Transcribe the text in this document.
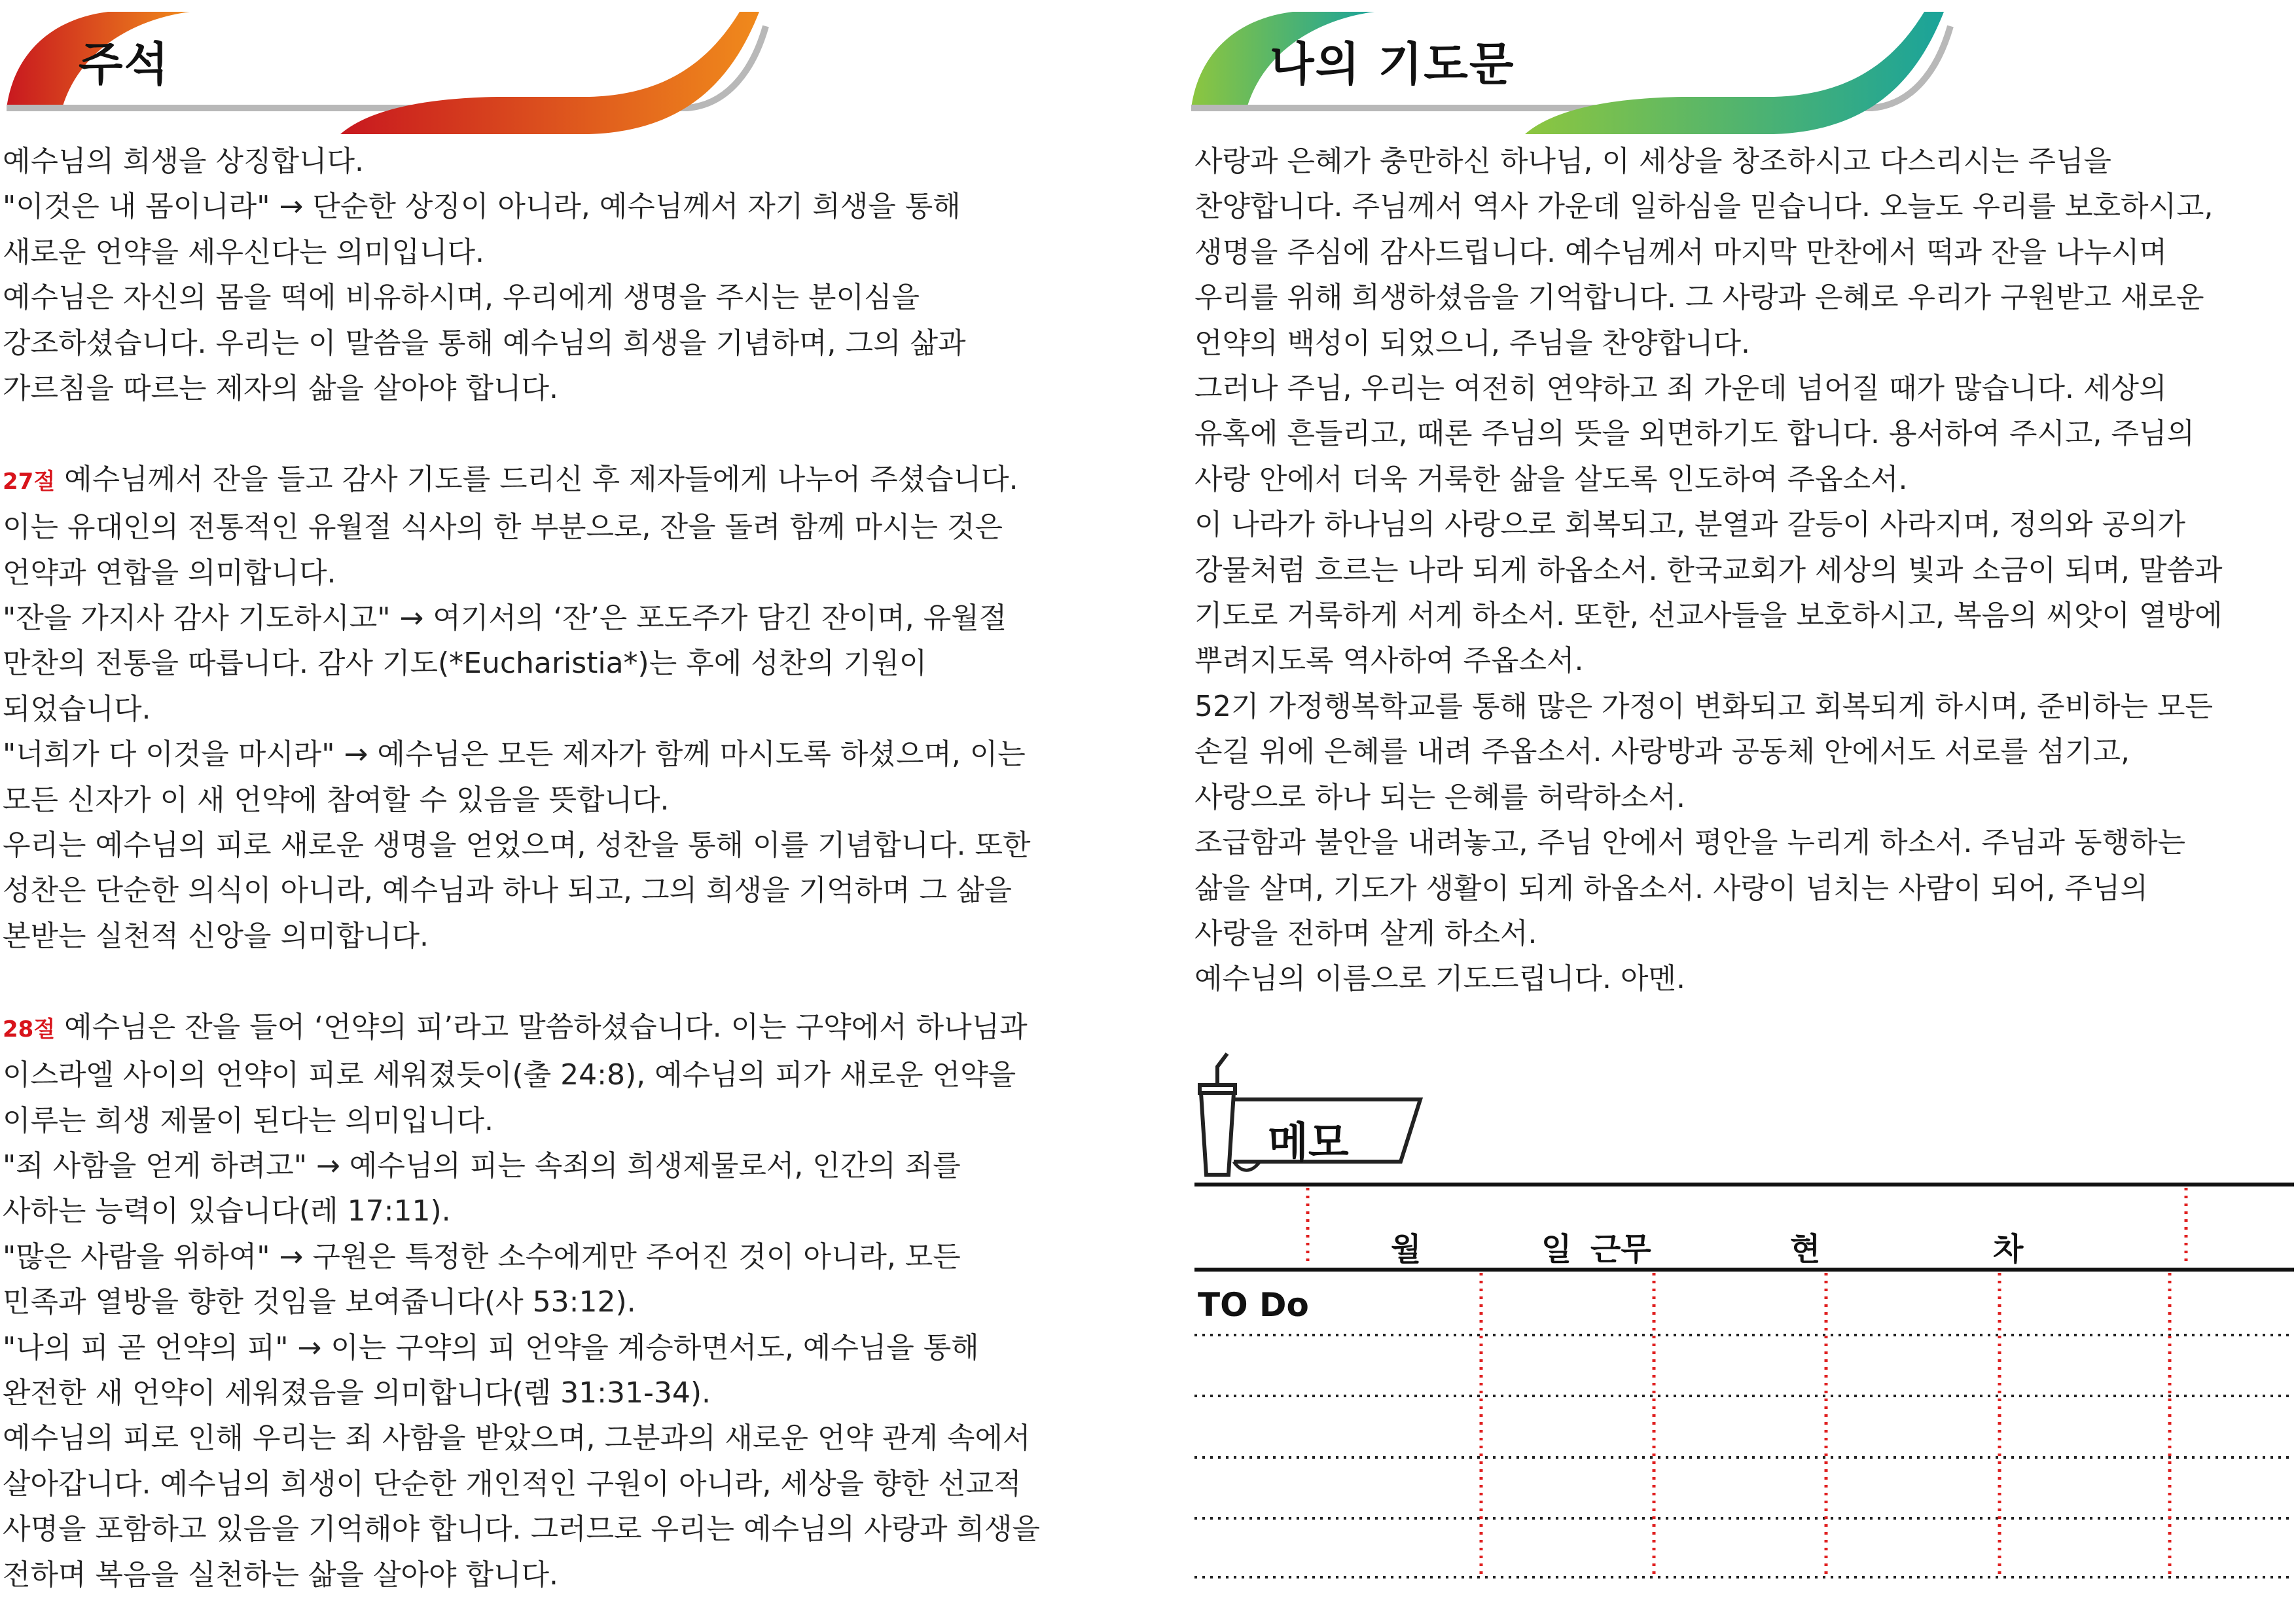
주석

예수님의 희생을 상징합니다.

"이것은 내 몸이니라" → 단순한 상징이 아니라, 예수님께서 자기 희생을 통해

새로운 언약을 세우신다는 의미입니다.

예수님은 자신의 몸을 떡에 비유하시며, 우리에게 생명을 주시는 분이심을

강조하셨습니다. 우리는 이 말씀을 통해 예수님의 희생을 기념하며, 그의 삶과

가르침을 따르는 제자의 삶을 살아야 합니다.

27절 예수님께서 잔을 들고 감사 기도를 드리신 후 제자들에게 나누어 주셨습니다.

이는 유대인의 전통적인 유월절 식사의 한 부분으로, 잔을 돌려 함께 마시는 것은

언약과 연합을 의미합니다.

"잔을 가지사 감사 기도하시고" → 여기서의 ‘잔’은 포도주가 담긴 잔이며, 유월절

만찬의 전통을 따릅니다. 감사 기도(*Eucharistia*)는 후에 성찬의 기원이

되었습니다.

"너희가 다 이것을 마시라" → 예수님은 모든 제자가 함께 마시도록 하셨으며, 이는

모든 신자가 이 새 언약에 참여할 수 있음을 뜻합니다.

우리는 예수님의 피로 새로운 생명을 얻었으며, 성찬을 통해 이를 기념합니다. 또한

성찬은 단순한 의식이 아니라, 예수님과 하나 되고, 그의 희생을 기억하며 그 삶을

본받는 실천적 신앙을 의미합니다.

28절 예수님은 잔을 들어 ‘언약의 피’라고 말씀하셨습니다. 이는 구약에서 하나님과

이스라엘 사이의 언약이 피로 세워졌듯이(출 24:8), 예수님의 피가 새로운 언약을

이루는 희생 제물이 된다는 의미입니다.

"죄 사함을 얻게 하려고" → 예수님의 피는 속죄의 희생제물로서, 인간의 죄를

사하는 능력이 있습니다(레 17:11).

"많은 사람을 위하여" → 구원은 특정한 소수에게만 주어진 것이 아니라, 모든

민족과 열방을 향한 것임을 보여줍니다(사 53:12).

"나의 피 곧 언약의 피" → 이는 구약의 피 언약을 계승하면서도, 예수님을 통해

완전한 새 언약이 세워졌음을 의미합니다(렘 31:31-34).

예수님의 피로 인해 우리는 죄 사함을 받았으며, 그분과의 새로운 언약 관계 속에서

살아갑니다. 예수님의 희생이 단순한 개인적인 구원이 아니라, 세상을 향한 선교적

사명을 포함하고 있음을 기억해야 합니다. 그러므로 우리는 예수님의 사랑과 희생을

전하며 복음을 실천하는 삶을 살아야 합니다.

나의 기도문

사랑과 은혜가 충만하신 하나님, 이 세상을 창조하시고 다스리시는 주님을

찬양합니다. 주님께서 역사 가운데 일하심을 믿습니다. 오늘도 우리를 보호하시고,

생명을 주심에 감사드립니다. 예수님께서 마지막 만찬에서 떡과 잔을 나누시며

우리를 위해 희생하셨음을 기억합니다. 그 사랑과 은혜로 우리가 구원받고 새로운

언약의 백성이 되었으니, 주님을 찬양합니다.

그러나 주님, 우리는 여전히 연약하고 죄 가운데 넘어질 때가 많습니다. 세상의

유혹에 흔들리고, 때론 주님의 뜻을 외면하기도 합니다. 용서하여 주시고, 주님의

사랑 안에서 더욱 거룩한 삶을 살도록 인도하여 주옵소서.

이 나라가 하나님의 사랑으로 회복되고, 분열과 갈등이 사라지며, 정의와 공의가

강물처럼 흐르는 나라 되게 하옵소서. 한국교회가 세상의 빛과 소금이 되며, 말씀과

기도로 거룩하게 서게 하소서. 또한, 선교사들을 보호하시고, 복음의 씨앗이 열방에

뿌려지도록 역사하여 주옵소서.

52기 가정행복학교를 통해 많은 가정이 변화되고 회복되게 하시며, 준비하는 모든

손길 위에 은혜를 내려 주옵소서. 사랑방과 공동체 안에서도 서로를 섬기고,

사랑으로 하나 되는 은혜를 허락하소서.

조급함과 불안을 내려놓고, 주님 안에서 평안을 누리게 하소서. 주님과 동행하는

삶을 살며, 기도가 생활이 되게 하옵소서. 사랑이 넘치는 사람이 되어, 주님의

사랑을 전하며 살게 하소서.

예수님의 이름으로 기도드립니다. 아멘.

메모
월	일 근무	현	차
TO Do
